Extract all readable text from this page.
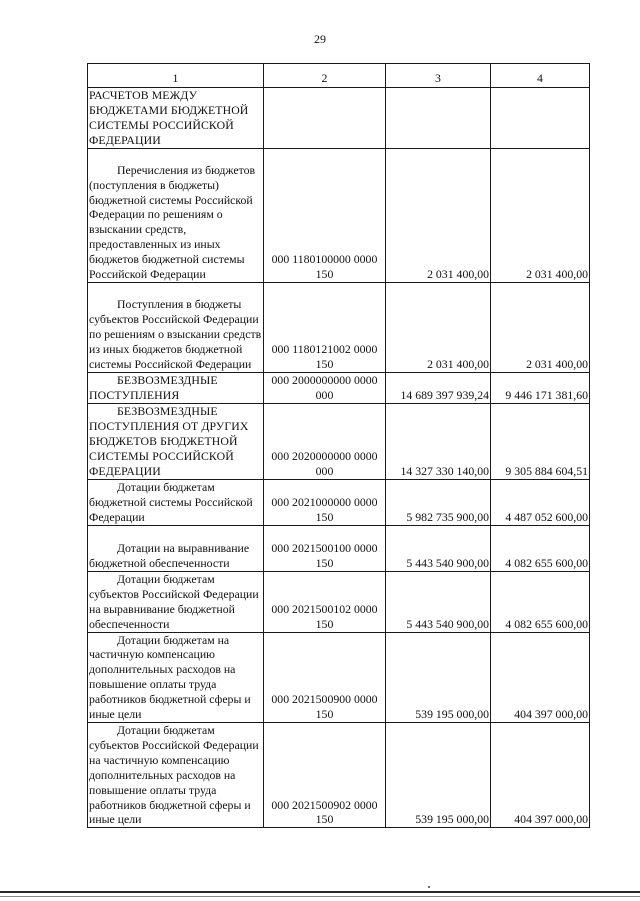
29
1	2	3	4
РАСЧЕТОВ МЕЖДУ БЮДЖЕТАМИ БЮДЖЕТНОЙ СИСТЕМЫ РОССИЙСКОЙ ФЕДЕРАЦИИ			
Перечисления из бюджетов (поступления в бюджеты) бюджетной системы Российской Федерации по решениям о взыскании средств, предоставленных из иных бюджетов бюджетной системы Российской Федерации	000 1180100000 0000 150	2 031 400,00	2 031 400,00
Поступления в бюджеты субъектов Российской Федерации по решениям о взыскании средств из иных бюджетов бюджетной системы Российской Федерации	000 1180121002 0000 150	2 031 400,00	2 031 400,00
БЕЗВОЗМЕЗДНЫЕ ПОСТУПЛЕНИЯ	000 2000000000 0000 000	14 689 397 939,24	9 446 171 381,60
БЕЗВОЗМЕЗДНЫЕ ПОСТУПЛЕНИЯ ОТ ДРУГИХ БЮДЖЕТОВ БЮДЖЕТНОЙ СИСТЕМЫ РОССИЙСКОЙ ФЕДЕРАЦИИ	000 2020000000 0000 000	14 327 330 140,00	9 305 884 604,51
Дотации бюджетам бюджетной системы Российской Федерации	000 2021000000 0000 150	5 982 735 900,00	4 487 052 600,00
Дотации на выравнивание бюджетной обеспеченности	000 2021500100 0000 150	5 443 540 900,00	4 082 655 600,00
Дотации бюджетам субъектов Российской Федерации на выравнивание бюджетной обеспеченности	000 2021500102 0000 150	5 443 540 900,00	4 082 655 600,00
Дотации бюджетам на частичную компенсацию дополнительных расходов на повышение оплаты труда работников бюджетной сферы и иные цели	000 2021500900 0000 150	539 195 000,00	404 397 000,00
Дотации бюджетам субъектов Российской Федерации на частичную компенсацию дополнительных расходов на повышение оплаты труда работников бюджетной сферы и иные цели	000 2021500902 0000 150	539 195 000,00	404 397 000,00
